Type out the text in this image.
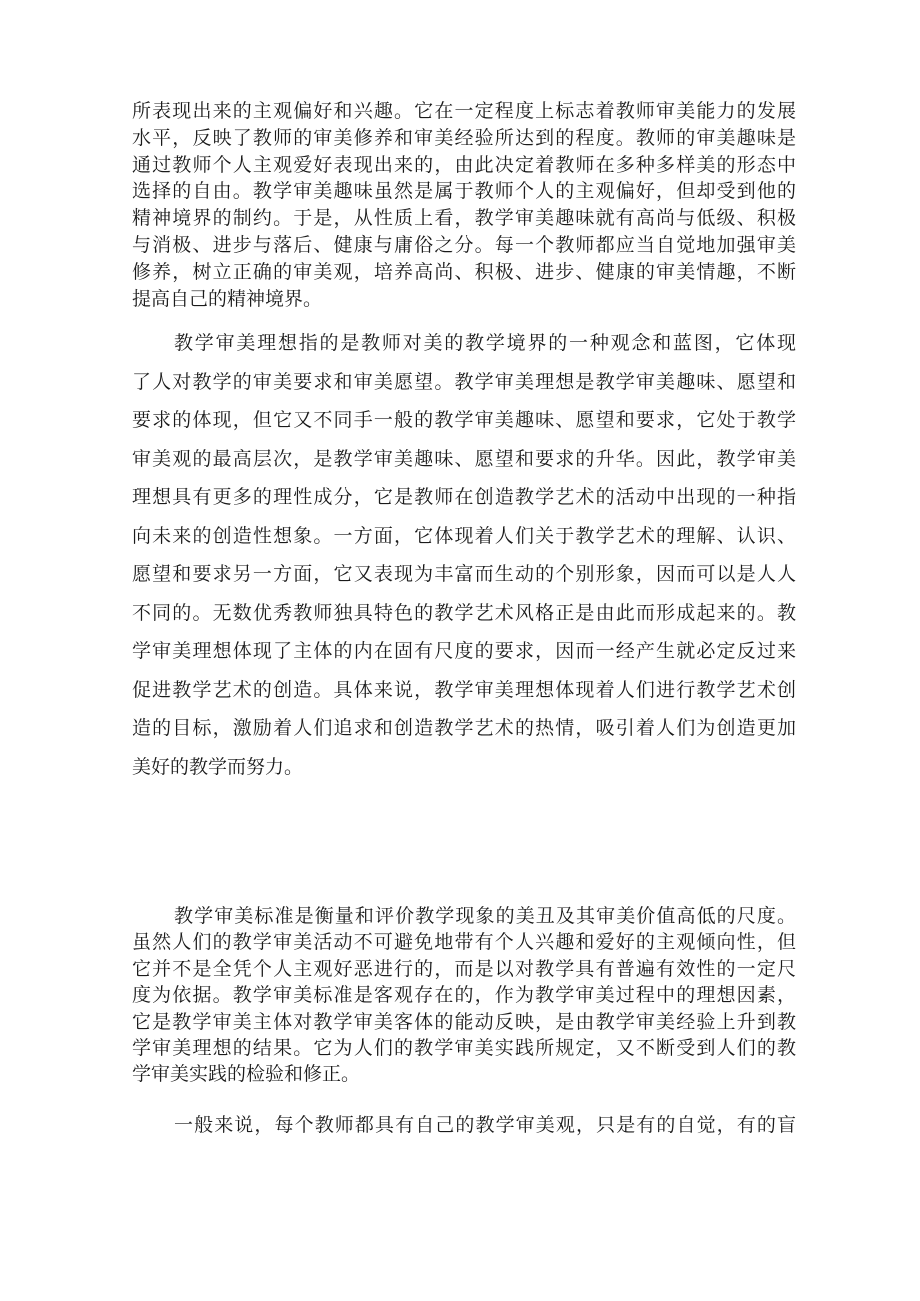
所表现出来的主观偏好和兴趣。它在一定程度上标志着教师审美能力的发展
水平，反映了教师的审美修养和审美经验所达到的程度。教师的审美趣味是
通过教师个人主观爱好表现出来的，由此决定着教师在多种多样美的形态中
选择的自由。教学审美趣味虽然是属于教师个人的主观偏好，但却受到他的
精神境界的制约。于是，从性质上看，教学审美趣味就有高尚与低级、积极
与消极、进步与落后、健康与庸俗之分。每一个教师都应当自觉地加强审美
修养，树立正确的审美观，培养高尚、积极、进步、健康的审美情趣，不断
提高自己的精神境界。
教学审美理想指的是教师对美的教学境界的一种观念和蓝图，它体现
了人对教学的审美要求和审美愿望。教学审美理想是教学审美趣味、愿望和
要求的体现，但它又不同手一般的教学审美趣味、愿望和要求，它处于教学
审美观的最高层次，是教学审美趣味、愿望和要求的升华。因此，教学审美
理想具有更多的理性成分，它是教师在创造教学艺术的活动中出现的一种指
向未来的创造性想象。一方面，它体现着人们关于教学艺术的理解、认识、
愿望和要求另一方面，它又表现为丰富而生动的个别形象，因而可以是人人
不同的。无数优秀教师独具特色的教学艺术风格正是由此而形成起来的。教
学审美理想体现了主体的内在固有尺度的要求，因而一经产生就必定反过来
促进教学艺术的创造。具体来说，教学审美理想体现着人们进行教学艺术创
造的目标，激励着人们追求和创造教学艺术的热情，吸引着人们为创造更加
美好的教学而努力。
教学审美标准是衡量和评价教学现象的美丑及其审美价值高低的尺度。
虽然人们的教学审美活动不可避免地带有个人兴趣和爱好的主观倾向性，但
它并不是全凭个人主观好恶进行的，而是以对教学具有普遍有效性的一定尺
度为依据。教学审美标准是客观存在的，作为教学审美过程中的理想因素，
它是教学审美主体对教学审美客体的能动反映，是由教学审美经验上升到教
学审美理想的结果。它为人们的教学审美实践所规定，又不断受到人们的教
学审美实践的检验和修正。
一般来说，每个教师都具有自己的教学审美观，只是有的自觉，有的盲
